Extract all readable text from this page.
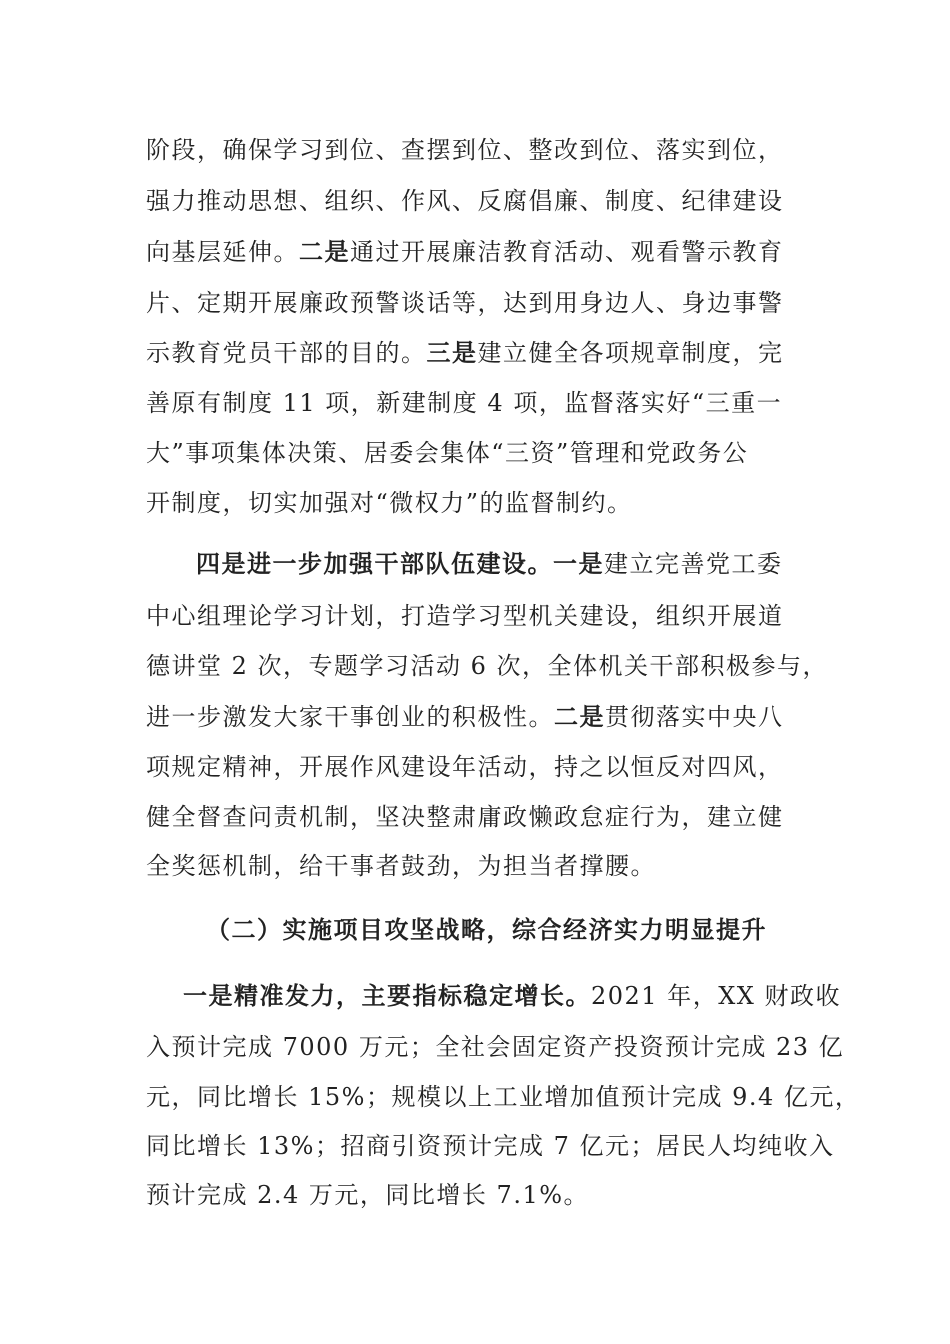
阶段，确保学习到位、查摆到位、整改到位、落实到位，
强力推动思想、组织、作风、反腐倡廉、制度、纪律建设
向基层延伸。二是通过开展廉洁教育活动、观看警示教育
片、定期开展廉政预警谈话等，达到用身边人、身边事警
示教育党员干部的目的。三是建立健全各项规章制度，完
善原有制度 11 项，新建制度 4 项，监督落实好“三重一
大”事项集体决策、居委会集体“三资”管理和党政务公
开制度，切实加强对“微权力”的监督制约。
四是进一步加强干部队伍建设。一是建立完善党工委
中心组理论学习计划，打造学习型机关建设，组织开展道
德讲堂 2 次，专题学习活动 6 次，全体机关干部积极参与，
进一步激发大家干事创业的积极性。二是贯彻落实中央八
项规定精神，开展作风建设年活动，持之以恒反对四风，
健全督查问责机制，坚决整肃庸政懒政怠症行为，建立健
全奖惩机制，给干事者鼓劲，为担当者撑腰。
（二）实施项目攻坚战略，综合经济实力明显提升
一是精准发力，主要指标稳定增长。2021 年，XX 财政收
入预计完成 7000 万元；全社会固定资产投资预计完成 23 亿
元，同比增长 15%；规模以上工业增加值预计完成 9.4 亿元，
同比增长 13%；招商引资预计完成 7 亿元；居民人均纯收入
预计完成 2.4 万元，同比增长 7.1%。
